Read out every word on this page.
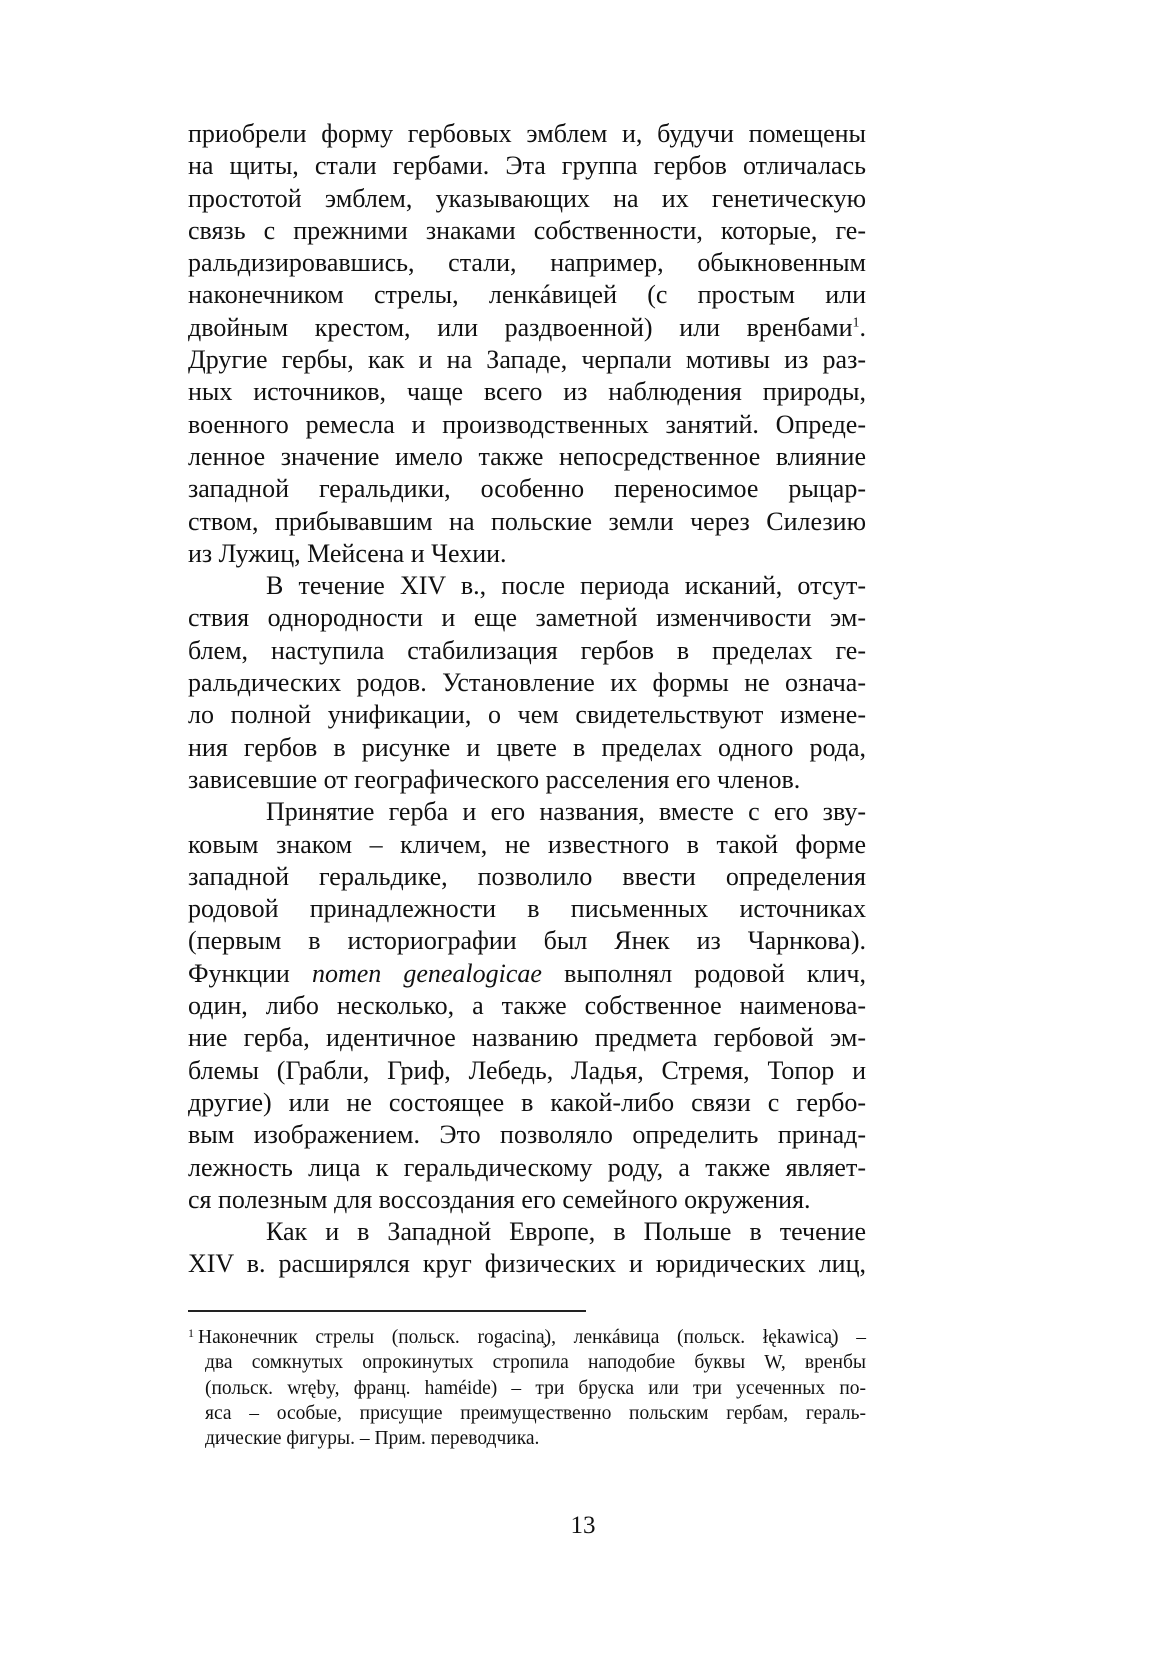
приобрели форму гербовых эмблем и, будучи помещены
на щиты, стали гербами. Эта группа гербов отличалась
простотой эмблем, указывающих на их генетическую
связь с прежними знаками собственности, которые, ге-
ральдизировавшись, стали, например, обыкновенным
наконечником стрелы, ленкáвицей (с простым или
двойным крестом, или раздвоенной) или вренбами$^1$.
Другие гербы, как и на Западе, черпали мотивы из раз-
ных источников, чаще всего из наблюдения природы,
военного ремесла и производственных занятий. Опреде-
ленное значение имело также непосредственное влияние
западной геральдики, особенно переносимое рыцар-
ством, прибывавшим на польские земли через Силезию
из Лужиц, Мейсена и Чехии.
В течение XIV в., после периода исканий, отсут-
ствия однородности и еще заметной изменчивости эм-
блем, наступила стабилизация гербов в пределах ге-
ральдических родов. Установление их формы не означа-
ло полной унификации, о чем свидетельствуют измене-
ния гербов в рисунке и цвете в пределах одного рода,
зависевшие от географического расселения его членов.
Принятие герба и его названия, вместе с его зву-
ковым знаком – кличем, не известного в такой форме
западной геральдике, позволило ввести определения
родовой принадлежности в письменных источниках
(первым в историографии был Янек из Чарнкова).
Функции nomen genealogicae выполнял родовой клич,
один, либо несколько, а также собственное наименова-
ние герба, идентичное названию предмета гербовой эм-
блемы (Грабли, Гриф, Лебедь, Ладья, Стремя, Топор и
другие) или не состоящее в какой-либо связи с гербо-
вым изображением. Это позволяло определить принад-
лежность лица к геральдическому роду, а также являет-
ся полезным для воссоздания его семейного окружения.
Как и в Западной Европе, в Польше в течение
XIV в. расширялся круг физических и юридических лиц,
$^1$ Наконечник стрелы (польск. rogacina̧), ленкáвица (польск. łękawica̧) –
два сомкнутых опрокинутых стропила наподобие буквы W, вренбы
(польск. wręby, франц. haméide) – три бруска или три усеченных по-
яса – особые, присущие преимущественно польским гербам, гераль-
дические фигуры. – Прим. переводчика.
13
